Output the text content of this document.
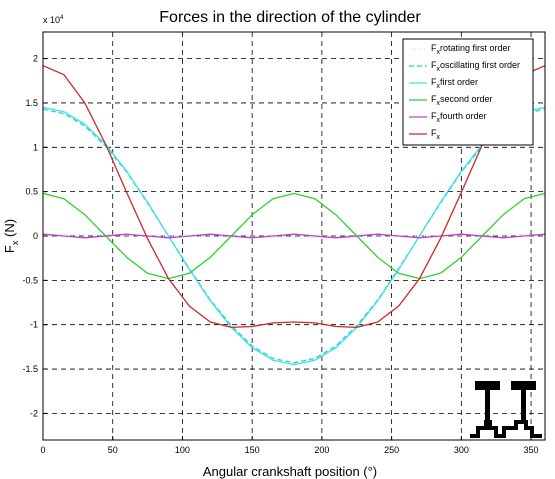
Forces in the direction of the cylinder
x $10^4$
0	50	100	150	200	250	300	350
-2
-1.5
-1
-0.5
0
0.5
1
1.5
2
Angular crankshaft position (°)
$F_x$ (N)
$F_xrotating$ first order
$F_xoscillating$ first order
$F_xfirst$ order
$F_xsecond$ order
$F_xfourth$ order
$F_x$
